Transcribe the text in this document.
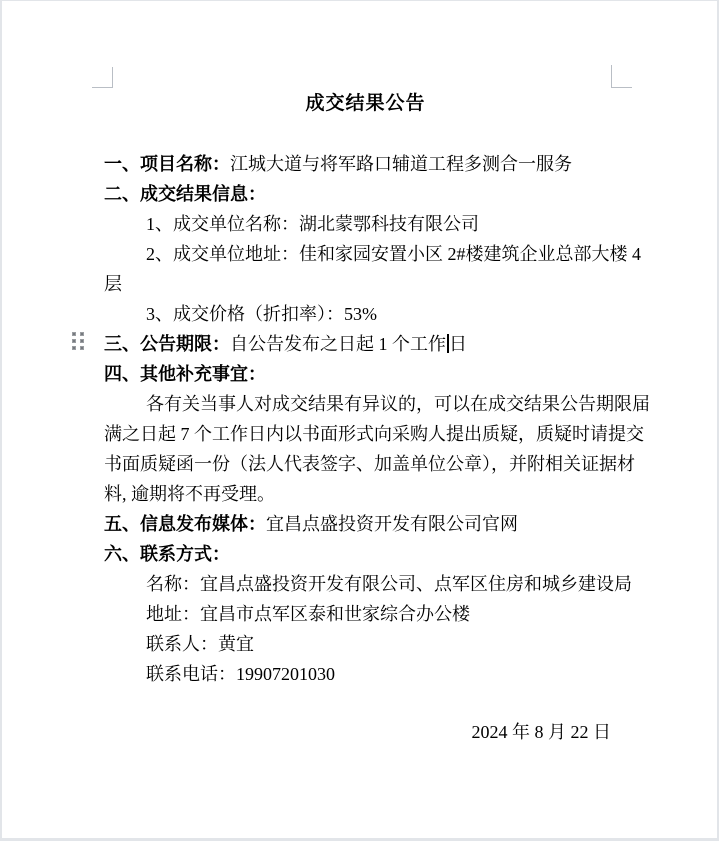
成交结果公告
一、项目名称：江城大道与将军路口辅道工程多测合一服务
二、成交结果信息：
1、成交单位名称：湖北蒙鄂科技有限公司
2、成交单位地址：佳和家园安置小区 2#楼建筑企业总部大楼 4
层
3、成交价格（折扣率）：53%
三、公告期限：自公告发布之日起 1 个工作 日
四、其他补充事宜：
各有关当事人对成交结果有异议的，可以在成交结果公告期限届
满之日起 7 个工作日内以书面形式向采购人提出质疑，质疑时请提交
书面质疑函一份（法人代表签字、加盖单位公章），并附相关证据材
料, 逾期将不再受理。
五、信息发布媒体：宜昌点盛投资开发有限公司官网
六、联系方式：
名称：宜昌点盛投资开发有限公司、点军区住房和城乡建设局
地址：宜昌市点军区泰和世家综合办公楼
联系人：黄宜
联系电话：19907201030
2024 年 8 月 22 日
